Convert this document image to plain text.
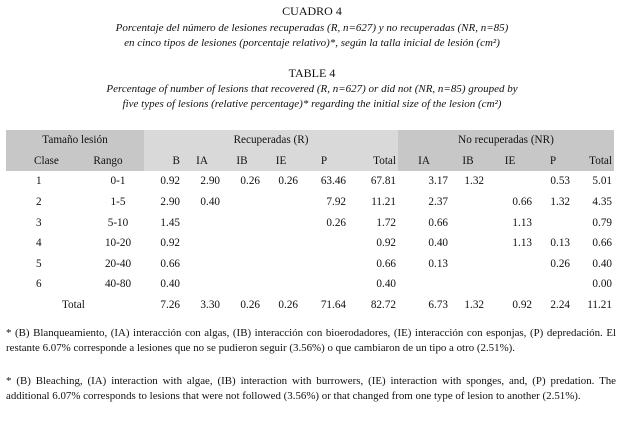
CUADRO 4
Porcentaje del número de lesiones recuperadas (R, n=627) y no recuperadas (NR, n=85)
en cinco tipos de lesiones (porcentaje relativo)*, según la talla inicial de lesión (cm²)
TABLE 4
Percentage of number of lesions that recovered (R, n=627) or did not (NR, n=85) grouped by
five types of lesions (relative percentage)* regarding the initial size of the lesion (cm²)
Tamaño lesión		Recuperadas (R)						No recuperadas (NR)				
Clase	Rango	B	IA	IB	IE	P	Total	IA	IB	IE	P	Total
1	0-1	0.92	2.90	0.26	0.26	63.46	67.81	3.17	1.32		0.53	5.01
2	1-5	2.90	0.40			7.92	11.21	2.37		0.66	1.32	4.35
3	5-10	1.45				0.26	1.72	0.66		1.13		0.79
4	10-20	0.92					0.92	0.40		1.13	0.13	0.66
5	20-40	0.66					0.66	0.13			0.26	0.40
6	40-80	0.40					0.40					0.00
Total		7.26	3.30	0.26	0.26	71.64	82.72	6.73	1.32	0.92	2.24	11.21
* (B) Blanqueamiento, (IA) interacción con algas, (IB) interacción con bioerodadores, (IE) interacción con esponjas, (P) depredación. El restante 6.07% corresponde a lesiones que no se pudieron seguir (3.56%) o que cambiaron de un tipo a otro (2.51%).
* (B) Bleaching, (IA) interaction with algae, (IB) interaction with burrowers, (IE) interaction with sponges, and, (P) predation. The additional 6.07% corresponds to lesions that were not followed (3.56%) or that changed from one type of lesion to another (2.51%).
